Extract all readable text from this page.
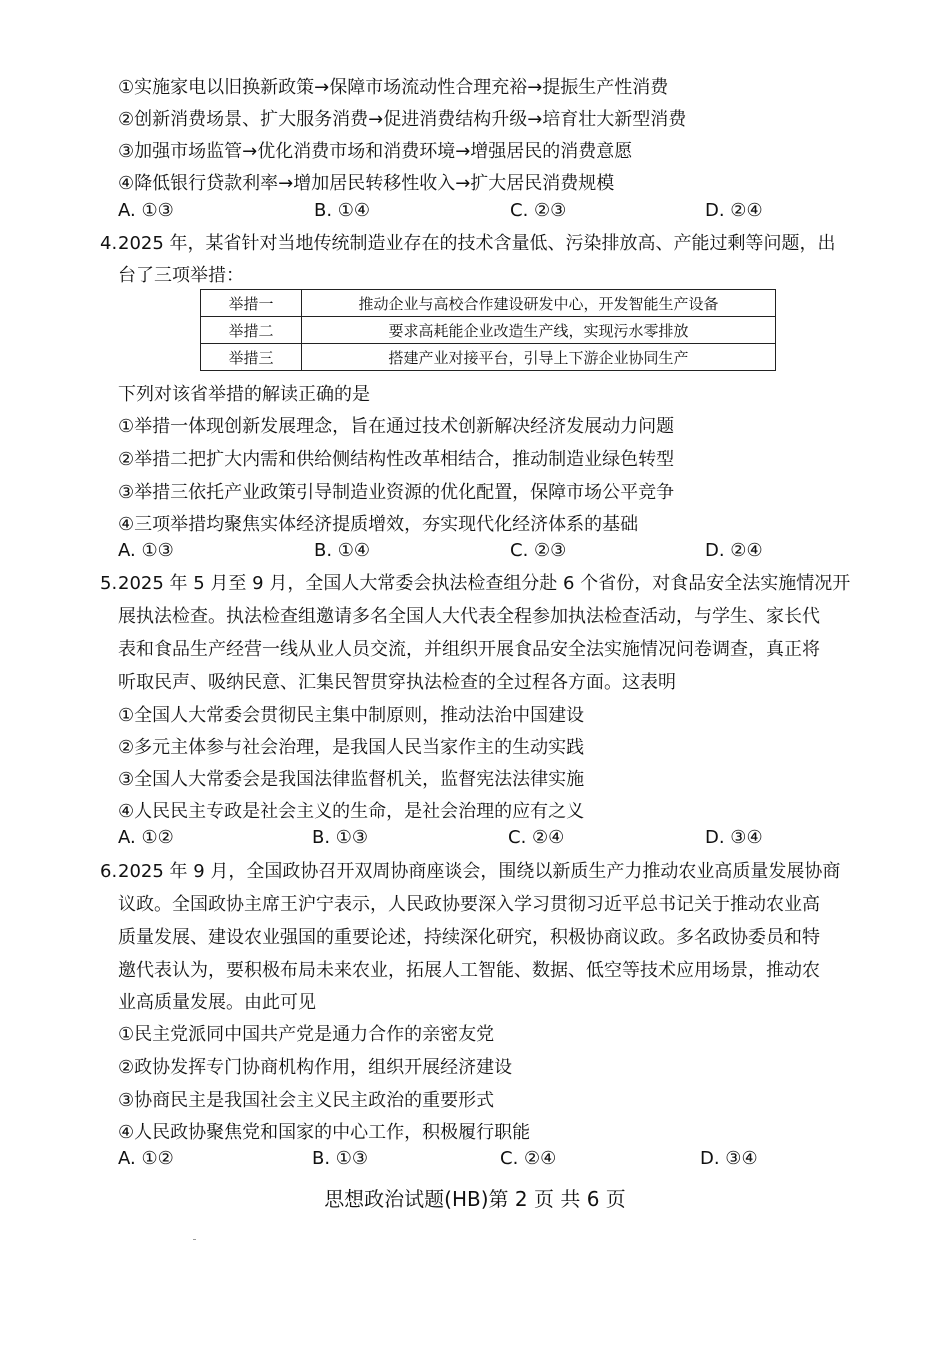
①实施家电以旧换新政策→保障市场流动性合理充裕→提振生产性消费
②创新消费场景、扩大服务消费→促进消费结构升级→培育壮大新型消费
③加强市场监管→优化消费市场和消费环境→增强居民的消费意愿
④降低银行贷款利率→增加居民转移性收入→扩大居民消费规模
A. ①③	B. ①④	C. ②③	D. ②④
4. 2025 年，某省针对当地传统制造业存在的技术含量低、污染排放高、产能过剩等问题，出
台了三项举措：
举措一	推动企业与高校合作建设研发中心，开发智能生产设备
举措二	要求高耗能企业改造生产线，实现污水零排放
举措三	搭建产业对接平台，引导上下游企业协同生产
下列对该省举措的解读正确的是
①举措一体现创新发展理念，旨在通过技术创新解决经济发展动力问题
②举措二把扩大内需和供给侧结构性改革相结合，推动制造业绿色转型
③举措三依托产业政策引导制造业资源的优化配置，保障市场公平竞争
④三项举措均聚焦实体经济提质增效，夯实现代化经济体系的基础
A. ①③	B. ①④	C. ②③	D. ②④
5. 2025 年 5 月至 9 月，全国人大常委会执法检查组分赴 6 个省份，对食品安全法实施情况开
展执法检查。执法检查组邀请多名全国人大代表全程参加执法检查活动，与学生、家长代
表和食品生产经营一线从业人员交流，并组织开展食品安全法实施情况问卷调查，真正将
听取民声、吸纳民意、汇集民智贯穿执法检查的全过程各方面。这表明
①全国人大常委会贯彻民主集中制原则，推动法治中国建设
②多元主体参与社会治理，是我国人民当家作主的生动实践
③全国人大常委会是我国法律监督机关，监督宪法法律实施
④人民民主专政是社会主义的生命，是社会治理的应有之义
A. ①②	B. ①③	C. ②④	D. ③④
6. 2025 年 9 月，全国政协召开双周协商座谈会，围绕以新质生产力推动农业高质量发展协商
议政。全国政协主席王沪宁表示，人民政协要深入学习贯彻习近平总书记关于推动农业高
质量发展、建设农业强国的重要论述，持续深化研究，积极协商议政。多名政协委员和特
邀代表认为，要积极布局未来农业，拓展人工智能、数据、低空等技术应用场景，推动农
业高质量发展。由此可见
①民主党派同中国共产党是通力合作的亲密友党
②政协发挥专门协商机构作用，组织开展经济建设
③协商民主是我国社会主义民主政治的重要形式
④人民政协聚焦党和国家的中心工作，积极履行职能
A. ①②	B. ①③	C. ②④	D. ③④
思想政治试题(HB)第 2 页 共 6 页
